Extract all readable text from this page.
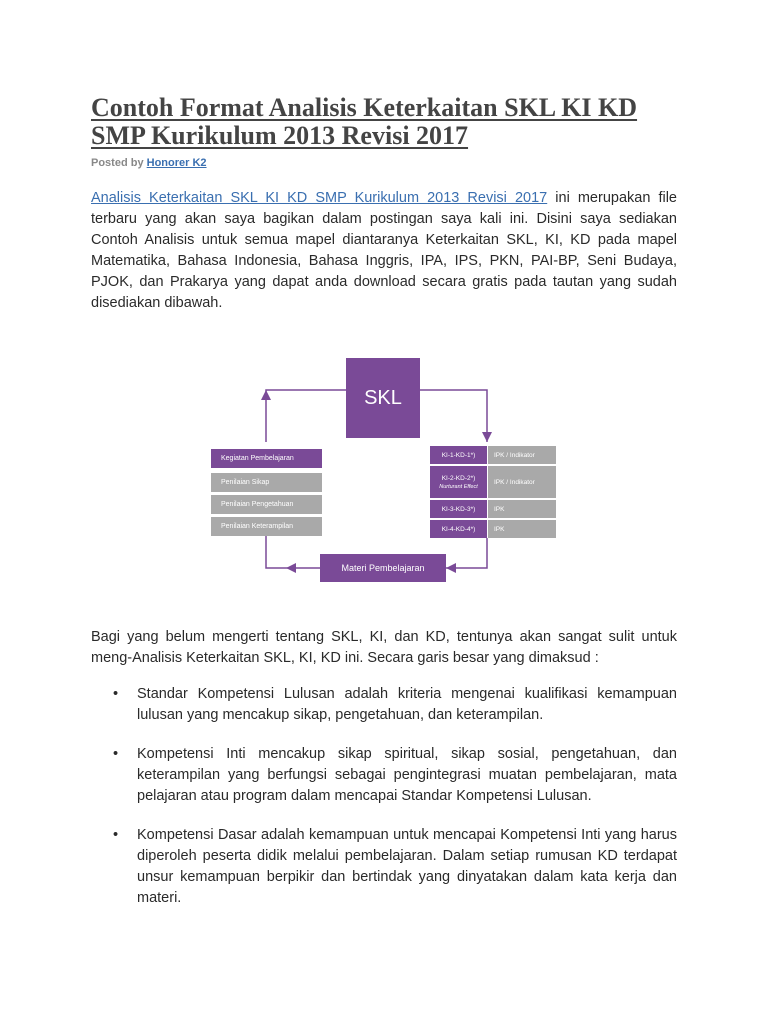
Contoh Format Analisis Keterkaitan SKL KI KD SMP Kurikulum 2013 Revisi 2017
Posted by Honorer K2

Analisis Keterkaitan SKL KI KD SMP Kurikulum 2013 Revisi 2017 ini merupakan file terbaru yang akan saya bagikan dalam postingan saya kali ini. Disini saya sediakan Contoh Analisis untuk semua mapel diantaranya Keterkaitan SKL, KI, KD pada mapel Matematika, Bahasa Indonesia, Bahasa Inggris, IPA, IPS, PKN, PAI-BP, Seni Budaya, PJOK, dan Prakarya yang dapat anda download secara gratis pada tautan yang sudah disediakan dibawah.

SKL
Kegiatan Pembelajaran
Penilaian Sikap
Penilaian Pengetahuan
Penilaian Keterampilan
KI-1-KD-1*)
KI-2-KD-2*)
Nurturant Effect
KI-3-KD-3*)
KI-4-KD-4*)
IPK / Indikator
IPK / Indikator
IPK
IPK
Materi Pembelajaran

Bagi yang belum mengerti tentang SKL, KI, dan KD, tentunya akan sangat sulit untuk meng-Analisis Keterkaitan SKL, KI, KD ini. Secara garis besar yang dimaksud :

• Standar Kompetensi Lulusan adalah kriteria mengenai kualifikasi kemampuan lulusan yang mencakup sikap, pengetahuan, dan keterampilan.
• Kompetensi Inti mencakup sikap spiritual, sikap sosial, pengetahuan, dan keterampilan yang berfungsi sebagai pengintegrasi muatan pembelajaran, mata pelajaran atau program dalam mencapai Standar Kompetensi Lulusan.
• Kompetensi Dasar adalah kemampuan untuk mencapai Kompetensi Inti yang harus diperoleh peserta didik melalui pembelajaran. Dalam setiap rumusan KD terdapat unsur kemampuan berpikir dan bertindak yang dinyatakan dalam kata kerja dan materi.
